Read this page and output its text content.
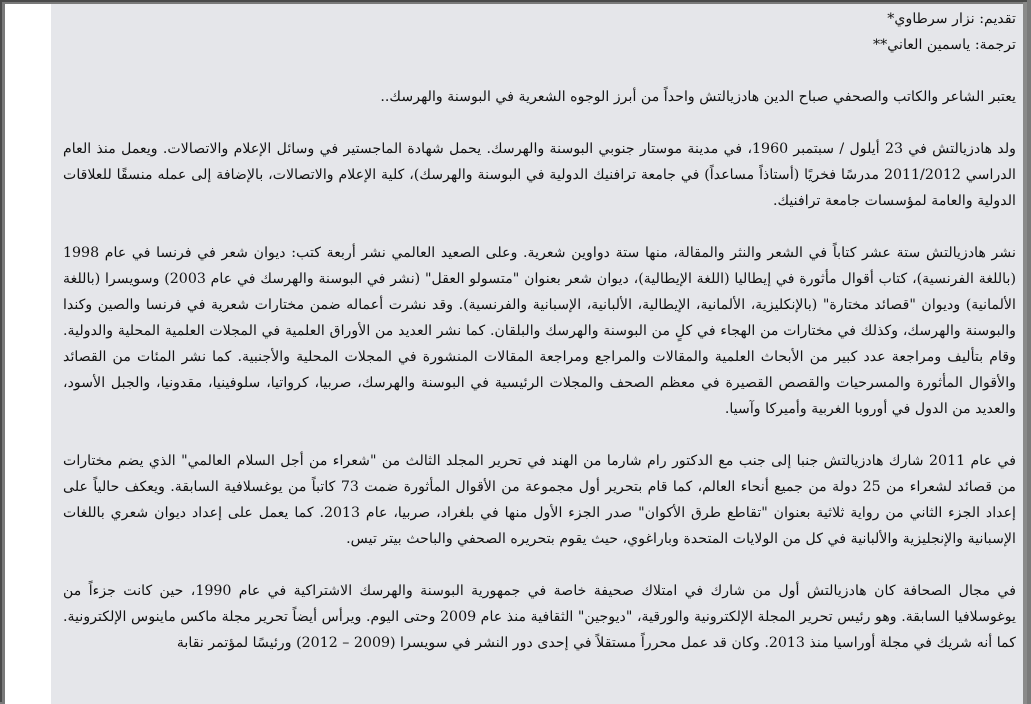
تقديم: نزار سرطاوي*

ترجمة: ياسمين العاني**

يعتبر الشاعر والكاتب والصحفي صباح الدين هادزيالتش واحداً من أبرز الوجوه الشعرية في البوسنة والهرسك..

ولد هادزيالتش في 23 أيلول / سبتمبر 1960، في مدينة موستار جنوبي البوسنة والهرسك. يحمل شهادة الماجستير في وسائل الإعلام والاتصالات. ويعمل منذ العام الدراسي 2011/2012 مدرسًا فخريًا (أستاذاً مساعداً) في جامعة ترافنيك الدولية في البوسنة والهرسك)، كلية الإعلام والاتصالات، بالإضافة إلى عمله منسقًا للعلاقات الدولية والعامة لمؤسسات جامعة ترافنيك.

نشر هادزيالتش ستة عشر كتاباً في الشعر والنثر والمقالة، منها ستة دواوين شعرية. وعلى الصعيد العالمي نشر أربعة كتب: ديوان شعر في فرنسا في عام 1998 (باللغة الفرنسية)، كتاب أقوال مأثورة في إيطاليا (اللغة الإيطالية)، ديوان شعر بعنوان "متسولو العقل" (نشر في البوسنة والهرسك في عام 2003) وسويسرا (باللغة الألمانية) وديوان "قصائد مختارة" (بالإنكليزية، الألمانية، الإيطالية، الألبانية، الإسبانية والفرنسية). وقد نشرت أعماله ضمن مختارات شعرية في فرنسا والصين وكندا والبوسنة والهرسك، وكذلك في مختارات من الهجاء في كلٍ من البوسنة والهرسك والبلقان. كما نشر العديد من الأوراق العلمية في المجلات العلمية المحلية والدولية. وقام بتأليف ومراجعة عدد كبير من الأبحاث العلمية والمقالات والمراجع ومراجعة المقالات المنشورة في المجلات المحلية والأجنبية. كما نشر المئات من القصائد والأقوال المأثورة والمسرحيات والقصص القصيرة في معظم الصحف والمجلات الرئيسية في البوسنة والهرسك، صربيا، كرواتيا، سلوفينيا، مقدونيا، والجبل الأسود، والعديد من الدول في أوروبا الغربية وأميركا وآسيا.

في عام 2011 شارك هادزيالتش جنبا إلى جنب مع الدكتور رام شارما من الهند في تحرير المجلد الثالث من "شعراء من أجل السلام العالمي" الذي يضم مختارات من قصائد لشعراء من 25 دولة من جميع أنحاء العالم، كما قام بتحرير أول مجموعة من الأقوال المأثورة ضمت 73 كاتباً من يوغسلافية السابقة. ويعكف حالياً على إعداد الجزء الثاني من رواية ثلاثية بعنوان "تقاطع طرق الأكوان" صدر الجزء الأول منها في بلغراد، صربيا، عام 2013. كما يعمل على إعداد ديوان شعري باللغات الإسبانية والإنجليزية والألبانية في كل من الولايات المتحدة وباراغوي، حيث يقوم بتحريره الصحفي والباحث بيتر تيس.

في مجال الصحافة كان هادزيالتش أول من شارك في امتلاك صحيفة خاصة في جمهورية البوسنة والهرسك الاشتراكية في عام 1990، حين كانت جزءاً من يوغوسلافيا السابقة. وهو رئيس تحرير المجلة الإلكترونية والورقية، "ديوجين" الثقافية منذ عام 2009 وحتى اليوم. ويرأس أيضاً تحرير مجلة ماكس ماينوس الإلكترونية. كما أنه شريك في مجلة أوراسيا منذ 2013. وكان قد عمل محرراً مستقلاً في إحدى دور النشر في سويسرا (2009 – 2012) ورئيسًا لمؤتمر نقابة
